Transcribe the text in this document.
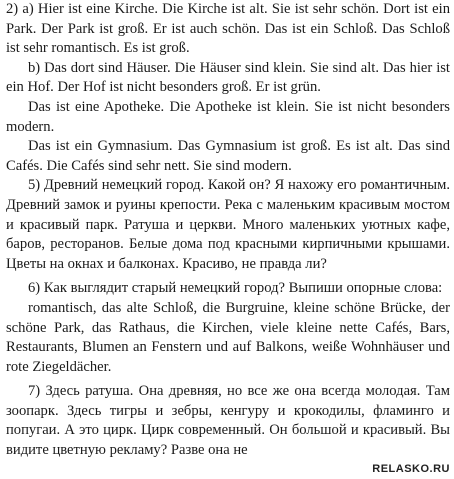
2) a) Hier ist eine Kirche. Die Kirche ist alt. Sie ist sehr schön. Dort ist ein Park. Der Park ist groß. Er ist auch schön. Das ist ein Schloß. Das Schloß ist sehr romantisch. Es ist groß.

b) Das dort sind Häuser. Die Häuser sind klein. Sie sind alt. Das hier ist ein Hof. Der Hof ist nicht besonders groß. Er ist grün.

Das ist eine Apotheke. Die Apotheke ist klein. Sie ist nicht besonders modern.

Das ist ein Gymnasium. Das Gymnasium ist groß. Es ist alt. Das sind Cafés. Die Cafés sind sehr nett. Sie sind modern.

5) Древний немецкий город. Какой он? Я нахожу его романтичным. Древний замок и руины крепости. Река с маленьким красивым мостом и красивый парк. Ратуша и церкви. Много маленьких уютных кафе, баров, ресторанов. Белые дома под красными кирпичными крышами. Цветы на окнах и балконах. Красиво, не правда ли?

6) Как выглядит старый немецкий город? Выпиши опорные слова:

romantisch, das alte Schloß, die Burgruine, kleine schöne Brücke, der schöne Park, das Rathaus, die Kirchen, viele kleine nette Cafés, Bars, Restaurants, Blumen an Fenstern und auf Balkons, weiße Wohnhäuser und rote Ziegeldächer.

7) Здесь ратуша. Она древняя, но все же она всегда молодая. Там зоопарк. Здесь тигры и зебры, кенгуру и крокодилы, фламинго и попугаи. А это цирк. Цирк современный. Он большой и красивый. Вы видите цветную рекламу? Разве она не

RELASKO.RU
